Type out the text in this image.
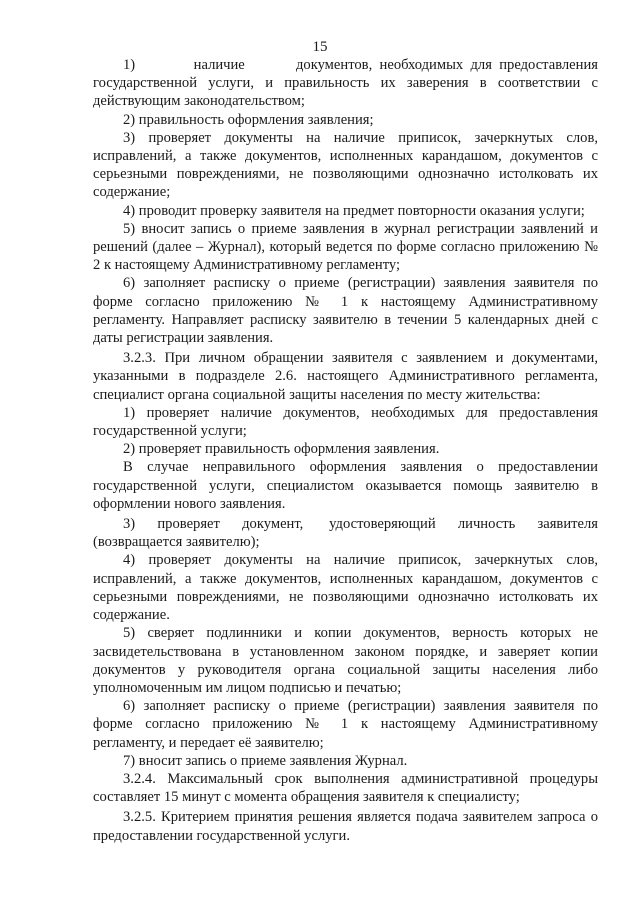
15

1)        наличие       документов, необходимых для предоставления государственной услуги, и правильность их заверения в соответствии с действующим законодательством;

2) правильность оформления заявления;

3) проверяет документы на наличие приписок, зачеркнутых слов, исправлений, а также документов, исполненных карандашом, документов с серьезными повреждениями, не позволяющими однозначно истолковать их содержание;

4) проводит проверку заявителя на предмет повторности оказания услуги;

5) вносит запись о приеме заявления в журнал регистрации заявлений и решений (далее – Журнал), который ведется по форме согласно приложению № 2 к настоящему Административному регламенту;

6) заполняет расписку о приеме (регистрации) заявления заявителя по форме согласно приложению № 1 к настоящему Административному регламенту. Направляет расписку заявителю в течении 5 календарных дней с даты регистрации заявления.

3.2.3. При личном обращении заявителя с заявлением и документами, указанными в подразделе 2.6. настоящего Административного регламента, специалист органа социальной защиты населения по месту жительства:

1) проверяет наличие документов, необходимых для предоставления государственной услуги;

2) проверяет правильность оформления заявления.

В случае неправильного оформления заявления о предоставлении государственной услуги, специалистом оказывается помощь заявителю в оформлении нового заявления.

3)      проверяет      документ,       удостоверяющий      личность      заявителя (возвращается заявителю);

4) проверяет документы на наличие приписок, зачеркнутых слов, исправлений, а также документов, исполненных карандашом, документов с серьезными повреждениями, не позволяющими однозначно истолковать их содержание.

5) сверяет подлинники и копии документов, верность которых не засвидетельствована в установленном законом порядке, и заверяет копии документов у руководителя органа социальной защиты населения либо уполномоченным им лицом подписью и печатью;

6) заполняет расписку о приеме (регистрации) заявления заявителя по форме согласно приложению № 1 к настоящему Административному регламенту, и передает её заявителю;

7) вносит запись о приеме заявления Журнал.

3.2.4. Максимальный срок выполнения административной процедуры составляет 15 минут с момента обращения заявителя к специалисту;

3.2.5. Критерием принятия решения является подача заявителем запроса о предоставлении государственной услуги.
